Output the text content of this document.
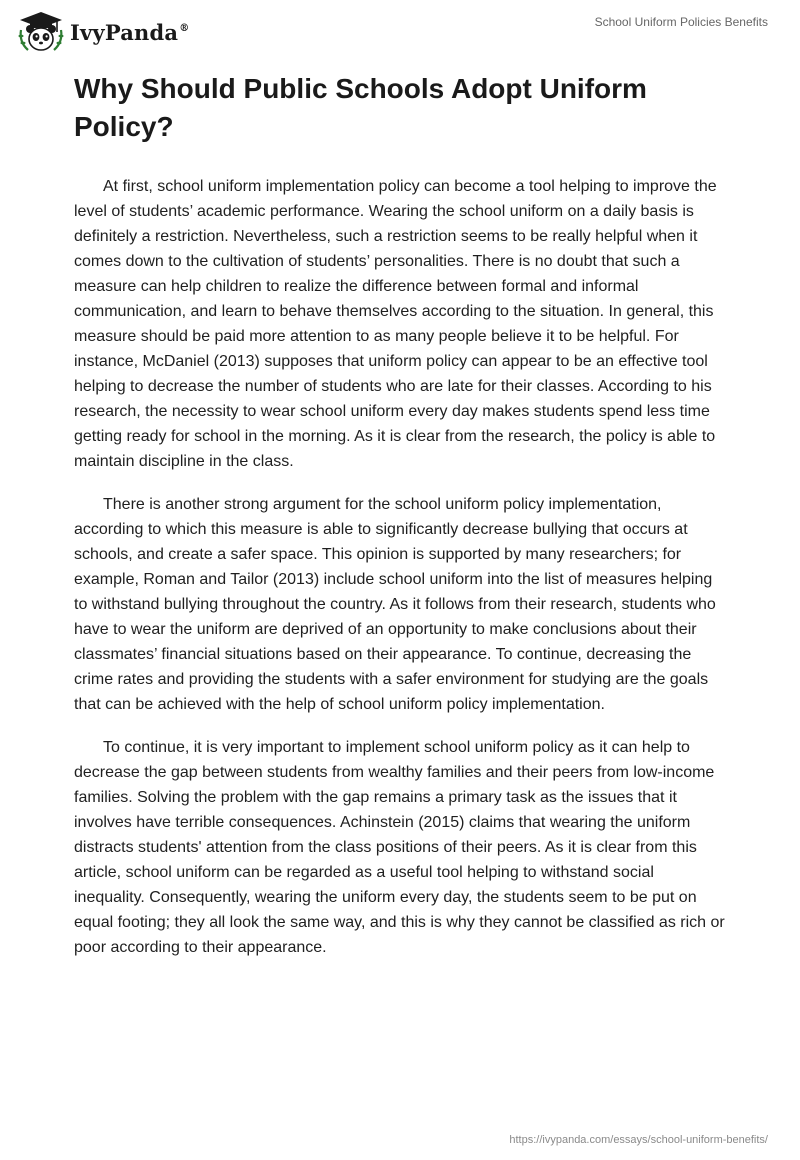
IvyPanda®	School Uniform Policies Benefits
Why Should Public Schools Adopt Uniform Policy?

At first, school uniform implementation policy can become a tool helping to improve the level of students’ academic performance. Wearing the school uniform on a daily basis is definitely a restriction. Nevertheless, such a restriction seems to be really helpful when it comes down to the cultivation of students’ personalities. There is no doubt that such a measure can help children to realize the difference between formal and informal communication, and learn to behave themselves according to the situation. In general, this measure should be paid more attention to as many people believe it to be helpful. For instance, McDaniel (2013) supposes that uniform policy can appear to be an effective tool helping to decrease the number of students who are late for their classes. According to his research, the necessity to wear school uniform every day makes students spend less time getting ready for school in the morning. As it is clear from the research, the policy is able to maintain discipline in the class.

There is another strong argument for the school uniform policy implementation, according to which this measure is able to significantly decrease bullying that occurs at schools, and create a safer space. This opinion is supported by many researchers; for example, Roman and Tailor (2013) include school uniform into the list of measures helping to withstand bullying throughout the country. As it follows from their research, students who have to wear the uniform are deprived of an opportunity to make conclusions about their classmates’ financial situations based on their appearance. To continue, decreasing the crime rates and providing the students with a safer environment for studying are the goals that can be achieved with the help of school uniform policy implementation.

To continue, it is very important to implement school uniform policy as it can help to decrease the gap between students from wealthy families and their peers from low-income families. Solving the problem with the gap remains a primary task as the issues that it involves have terrible consequences. Achinstein (2015) claims that wearing the uniform distracts students' attention from the class positions of their peers. As it is clear from this article, school uniform can be regarded as a useful tool helping to withstand social inequality. Consequently, wearing the uniform every day, the students seem to be put on equal footing; they all look the same way, and this is why they cannot be classified as rich or poor according to their appearance.

https://ivypanda.com/essays/school-uniform-benefits/
